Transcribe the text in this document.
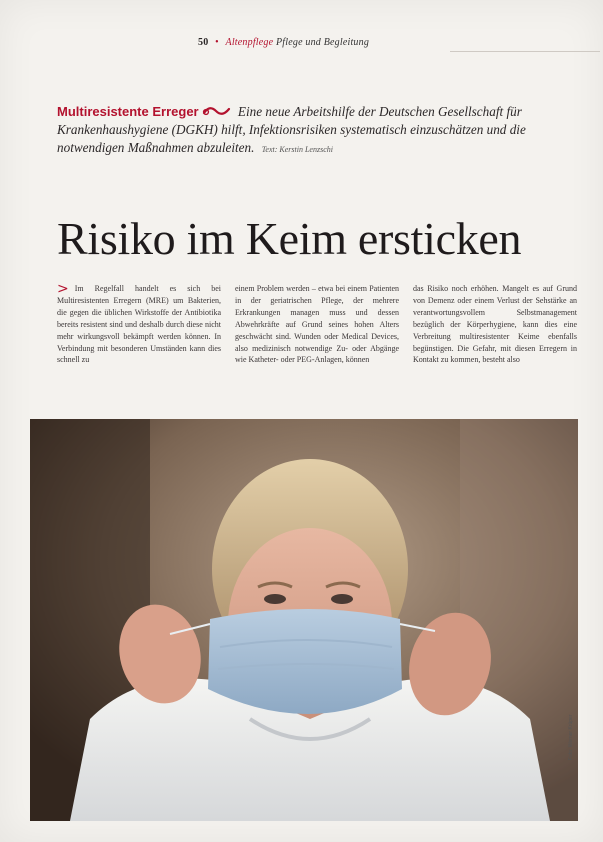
50 • Altenpflege Pflege und Begleitung
Multiresistente Erreger	Eine neue Arbeitshilfe der Deutschen Gesellschaft für Krankenhaushygiene (DGKH) hilft, Infektionsrisiken systematisch einzuschätzen und die notwendigen Maßnahmen abzuleiten. Text: Kerstin Lenzschi
Risiko im Keim ersticken
> Im Regelfall handelt es sich bei Multiresistenten Erregern (MRE) um Bakterien, die gegen die üblichen Wirkstoffe der Antibiotika bereits resistent sind und deshalb durch diese nicht mehr wirkungsvoll bekämpft werden können. In Verbindung mit besonderen Umständen kann dies schnell zu

einem Problem werden – etwa bei einem Patienten in der geriatrischen Pflege, der mehrere Erkrankungen managen muss und dessen Abwehrkräfte auf Grund seines hohen Alters geschwächt sind. Wunden oder Medical Devices, also medizinisch notwendige Zu- oder Abgänge wie Katheter- oder PEG-Anlagen, können

das Risiko noch erhöhen. Mangelt es auf Grund von Demenz oder einem Verlust der Sehstärke an verantwortungsvollem Selbstmanagement bezüglich der Körperhygiene, kann dies eine Verbreitung multiresistenter Keime ebenfalls begünstigen. Die Gefahr, mit diesen Erregern in Kontakt zu kommen, besteht also

Foto: Werner Krüper
